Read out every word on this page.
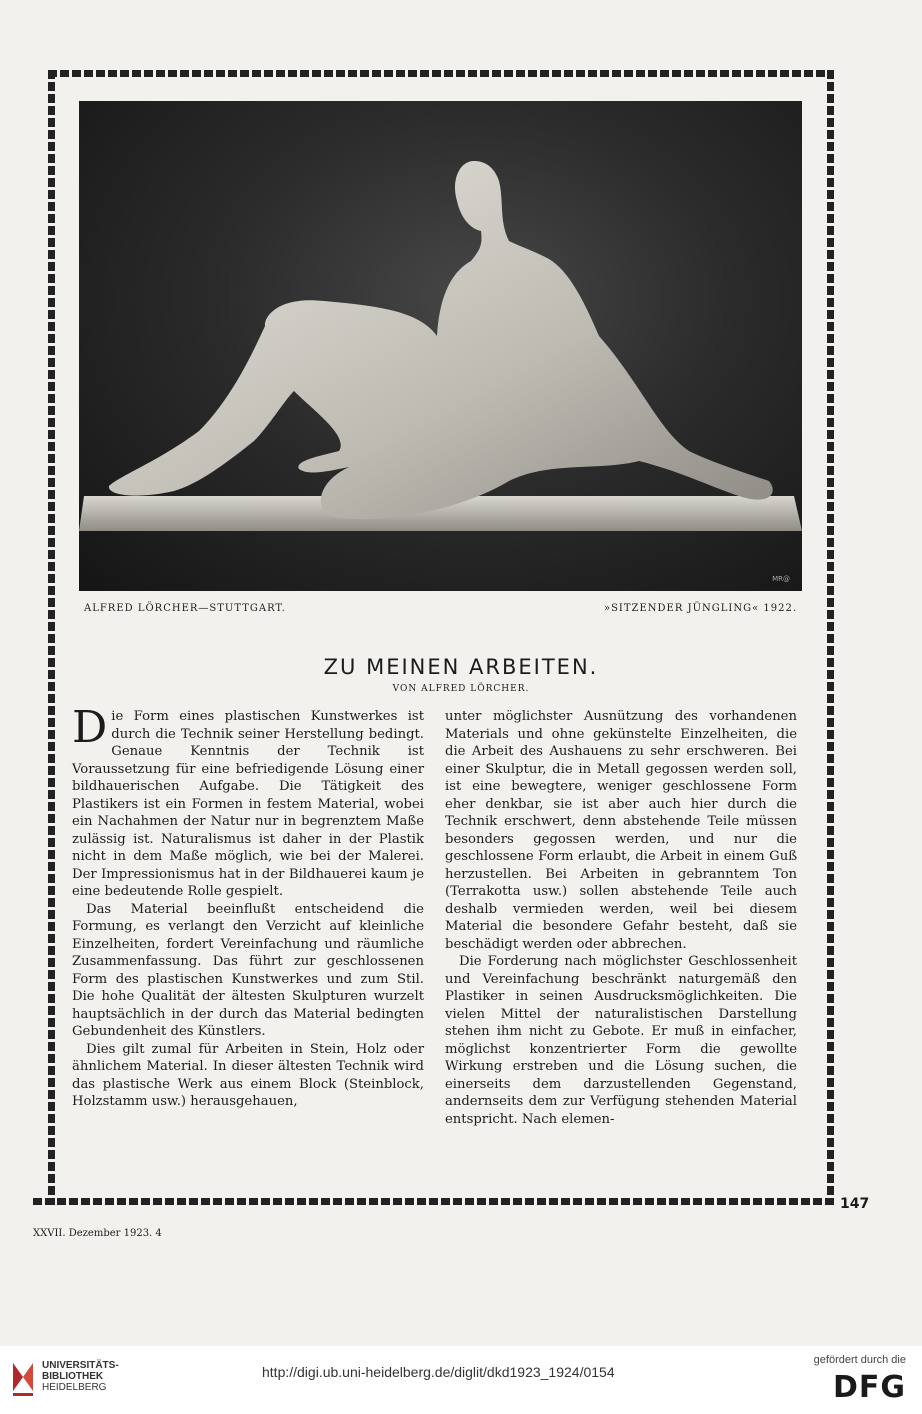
MR@
ALFRED LÖRCHER—STUTTGART.	»SITZENDER JÜNGLING« 1922.
ZU MEINEN ARBEITEN.
VON ALFRED LÖRCHER.

Die Form eines plastischen Kunstwerkes ist durch die Technik seiner Herstellung bedingt. Genaue Kenntnis der Technik ist Voraussetzung für eine befriedigende Lösung einer bildhauerischen Aufgabe. Die Tätigkeit des Plastikers ist ein Formen in festem Material, wobei ein Nachahmen der Natur nur in begrenztem Maße zulässig ist. Naturalismus ist daher in der Plastik nicht in dem Maße möglich, wie bei der Malerei. Der Impressionismus hat in der Bildhauerei kaum je eine bedeutende Rolle gespielt.

Das Material beeinflußt entscheidend die Formung, es verlangt den Verzicht auf kleinliche Einzelheiten, fordert Vereinfachung und räumliche Zusammenfassung. Das führt zur geschlossenen Form des plastischen Kunstwerkes und zum Stil. Die hohe Qualität der ältesten Skulpturen wurzelt hauptsächlich in der durch das Material bedingten Gebundenheit des Künstlers.

Dies gilt zumal für Arbeiten in Stein, Holz oder ähnlichem Material. In dieser ältesten Technik wird das plastische Werk aus einem Block (Steinblock, Holzstamm usw.) herausgehauen,

unter möglichster Ausnützung des vorhandenen Materials und ohne gekünstelte Einzelheiten, die die Arbeit des Aushauens zu sehr erschweren. Bei einer Skulptur, die in Metall gegossen werden soll, ist eine bewegtere, weniger geschlossene Form eher denkbar, sie ist aber auch hier durch die Technik erschwert, denn abstehende Teile müssen besonders gegossen werden, und nur die geschlossene Form erlaubt, die Arbeit in einem Guß herzustellen. Bei Arbeiten in gebranntem Ton (Terrakotta usw.) sollen abstehende Teile auch deshalb vermieden werden, weil bei diesem Material die besondere Gefahr besteht, daß sie beschädigt werden oder abbrechen.

Die Forderung nach möglichster Geschlossenheit und Vereinfachung beschränkt naturgemäß den Plastiker in seinen Ausdrucksmöglichkeiten. Die vielen Mittel der naturalistischen Darstellung stehen ihm nicht zu Gebote. Er muß in einfacher, möglichst konzentrierter Form die gewollte Wirkung erstreben und die Lösung suchen, die einerseits dem darzustellenden Gegenstand, andernseits dem zur Verfügung stehenden Material entspricht. Nach elemen-

147
XXVII. Dezember 1923. 4
UNIVERSITÄTS-
BIBLIOTHEK
HEIDELBERG
http://digi.ub.uni-heidelberg.de/diglit/dkd1923_1924/0154
gefördert durch die
DFG
